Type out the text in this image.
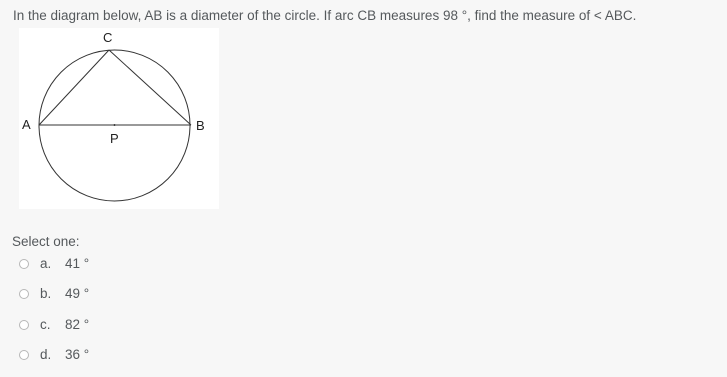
In the diagram below, AB is a diameter of the circle. If arc CB measures 98 °, find the measure of < ABC.
C
A	B
P
Select one:
a.	41 °
b.	49 °
c.	82 °
d.	36 °
